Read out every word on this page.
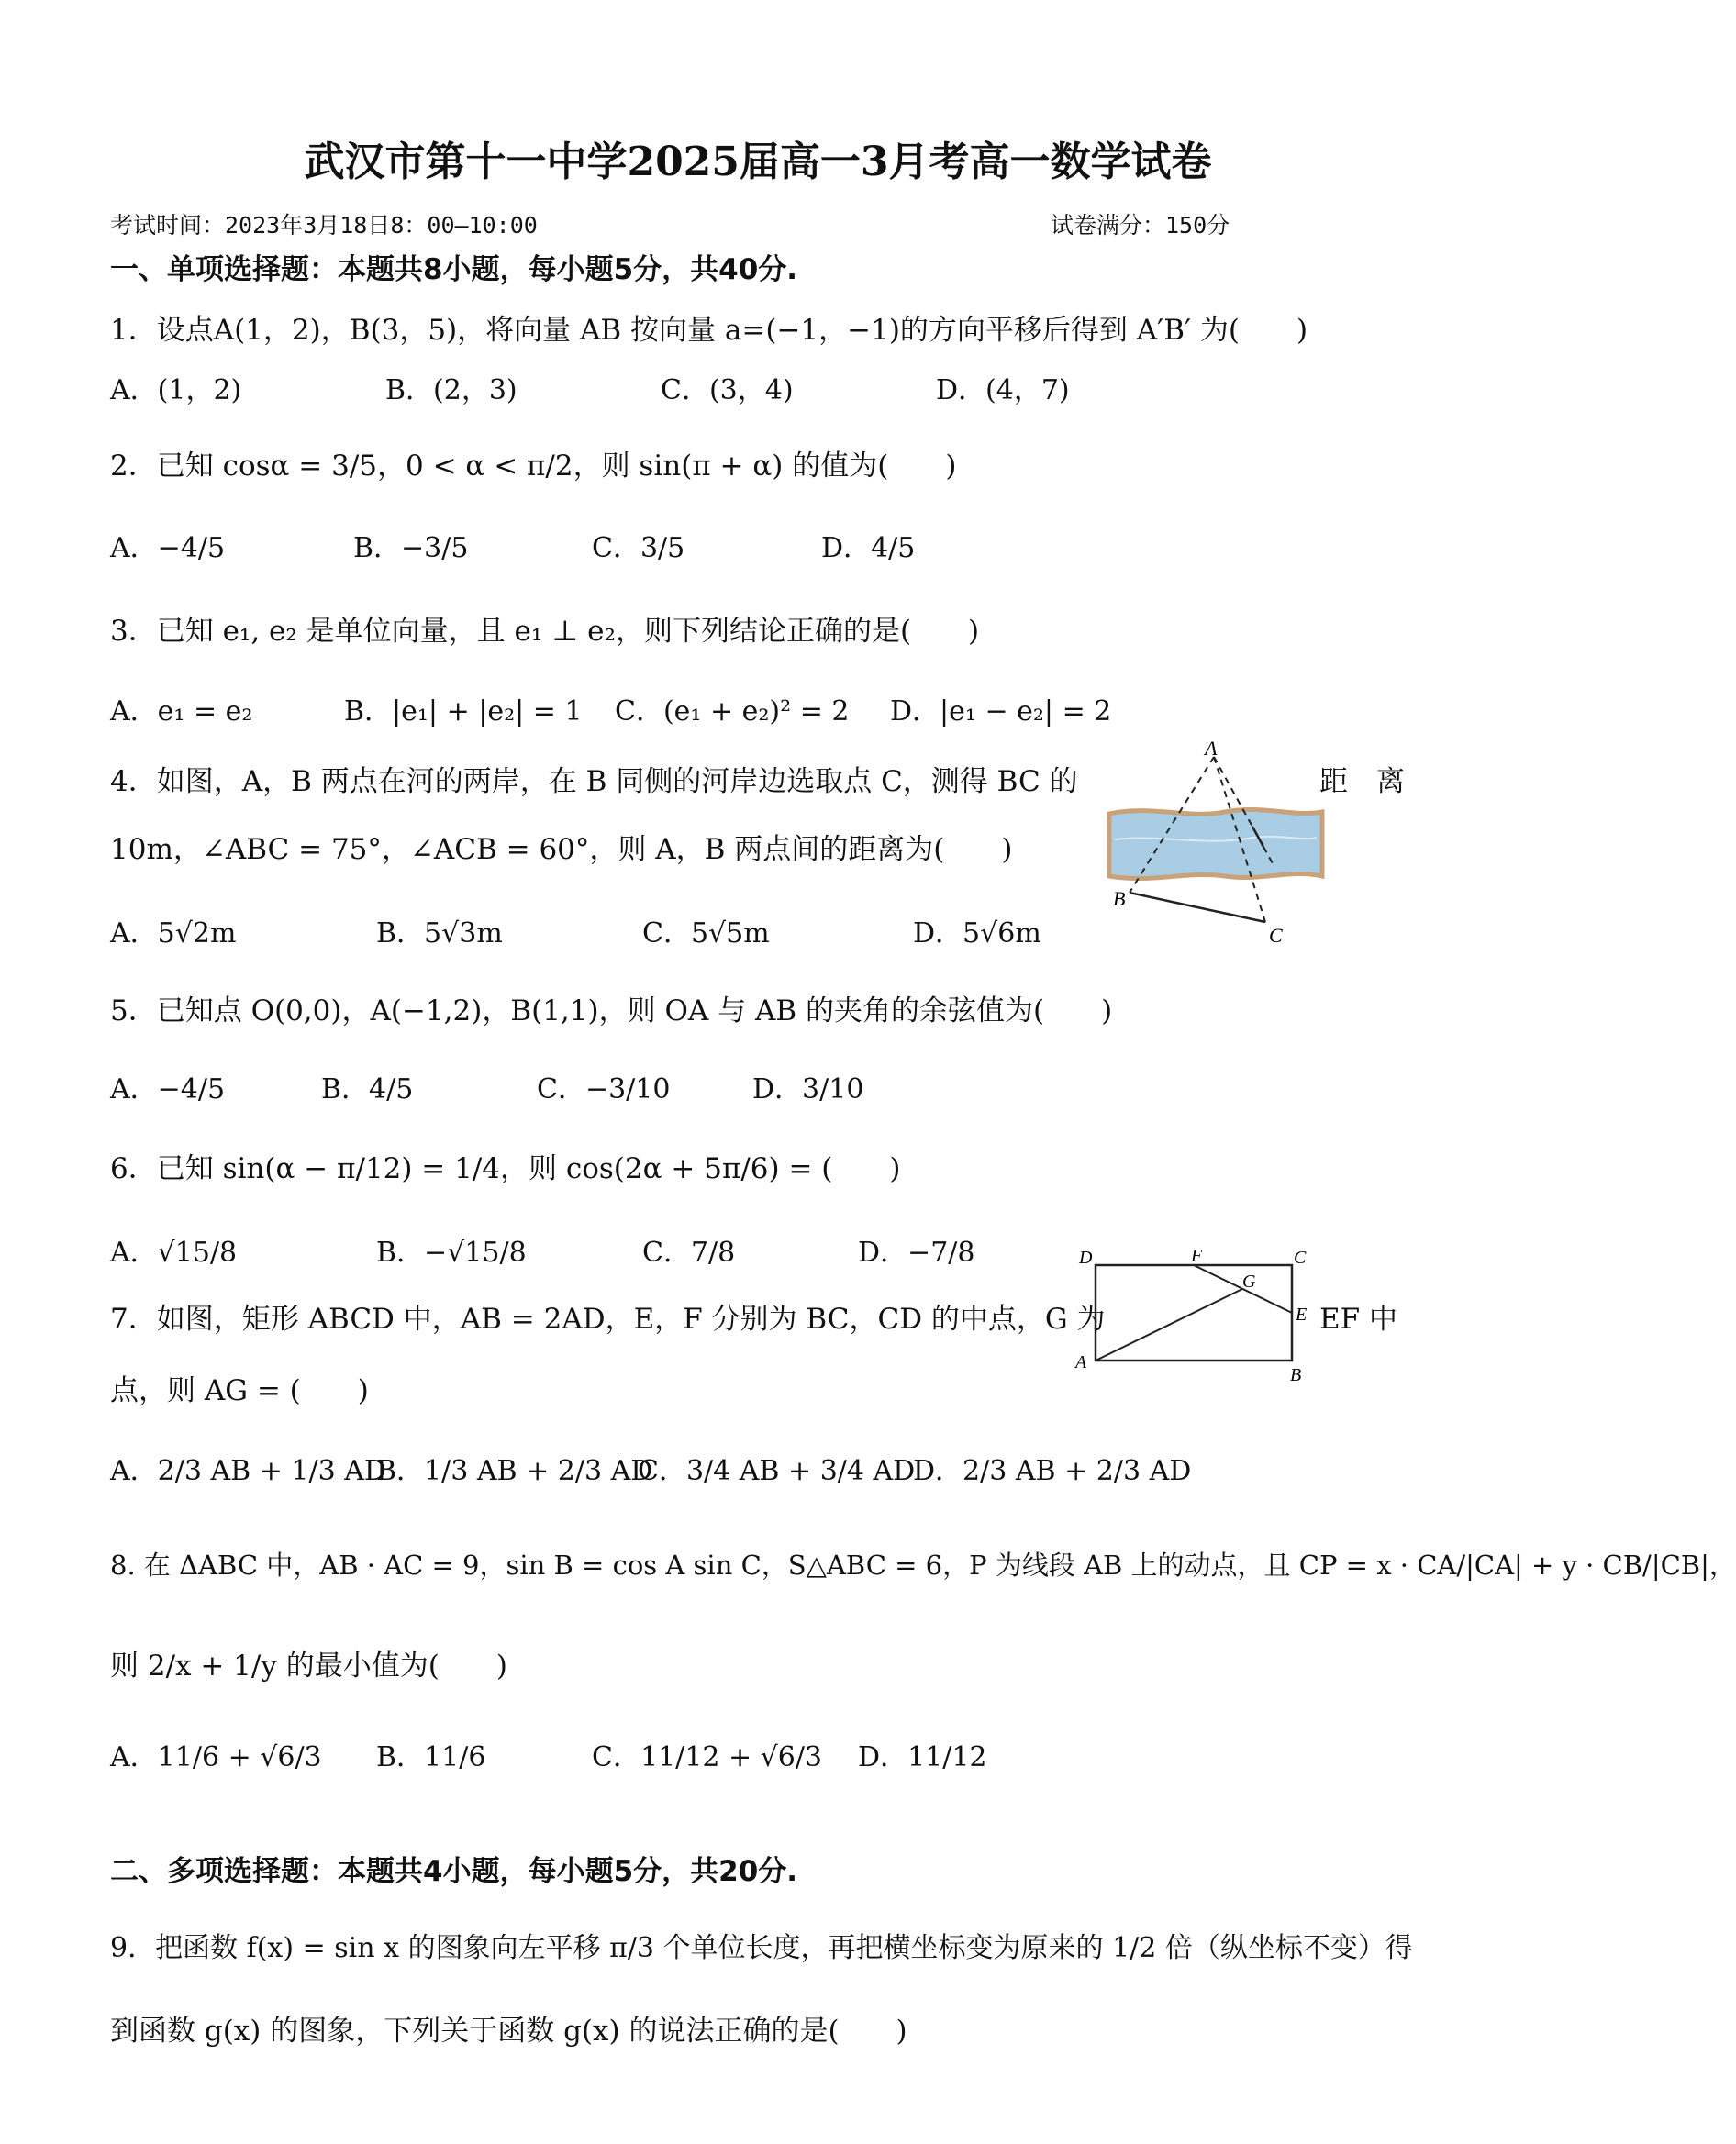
武汉市第十一中学2025届高一3月考高一数学试卷
考试时间：2023年3月18日8：00—10:00	试卷满分：150分
一、单项选择题：本题共8小题，每小题5分，共40分.
1．设点A(1，2)，B(3，5)，将向量 AB 按向量 a=(−1，−1)的方向平移后得到 A′B′ 为(　　)
A．(1，2)	B．(2，3)	C．(3，4)	D．(4，7)
2．已知 cosα = 3/5，0 < α < π/2，则 sin(π + α) 的值为(　　)
A．−4/5	B．−3/5	C．3/5	D．4/5
3．已知 e₁, e₂ 是单位向量，且 e₁ ⊥ e₂，则下列结论正确的是(　　)
A．e₁ = e₂	B．|e₁| + |e₂| = 1 C．(e₁ + e₂)² = 2 D．|e₁ − e₂| = 2
4．如图，A，B 两点在河的两岸，在 B 同侧的河岸边选取点 C，测得 BC 的	距　离
10m，∠ABC = 75°，∠ACB = 60°，则 A，B 两点间的距离为(　　)
A．5√2m	B．5√3m	C．5√5m	D．5√6m
A
B
C
5．已知点 O(0,0)，A(−1,2)，B(1,1)，则 OA 与 AB 的夹角的余弦值为(　　)
A．−4/5	B．4/5	C．−3/10	D．3/10
6．已知 sin(α − π/12) = 1/4，则 cos(2α + 5π/6) = (　　)
A．√15/8	B．−√15/8	C．7/8	D．−7/8
7．如图，矩形 ABCD 中，AB = 2AD，E，F 分别为 BC，CD 的中点，G 为	EF 中
点，则 AG = (　　)
A．2/3 AB + 1/3 AD
B．1/3 AB + 2/3 AD
C．3/4 AB + 3/4 AD
D．2/3 AB + 2/3 AD
A
B
C
D
E
F
G
8. 在 ΔABC 中，AB · AC = 9，sin B = cos A sin C，S△ABC = 6，P 为线段 AB 上的动点，且 CP = x · CA/|CA| + y · CB/|CB|，
则 2/x + 1/y 的最小值为(　　)
A．11/6 + √6/3 B．11/6	C．11/12 + √6/3 D．11/12
二、多项选择题：本题共4小题，每小题5分，共20分.
9．把函数 f(x) = sin x 的图象向左平移 π/3 个单位长度，再把横坐标变为原来的 1/2 倍（纵坐标不变）得
到函数 g(x) 的图象，下列关于函数 g(x) 的说法正确的是(　　)
